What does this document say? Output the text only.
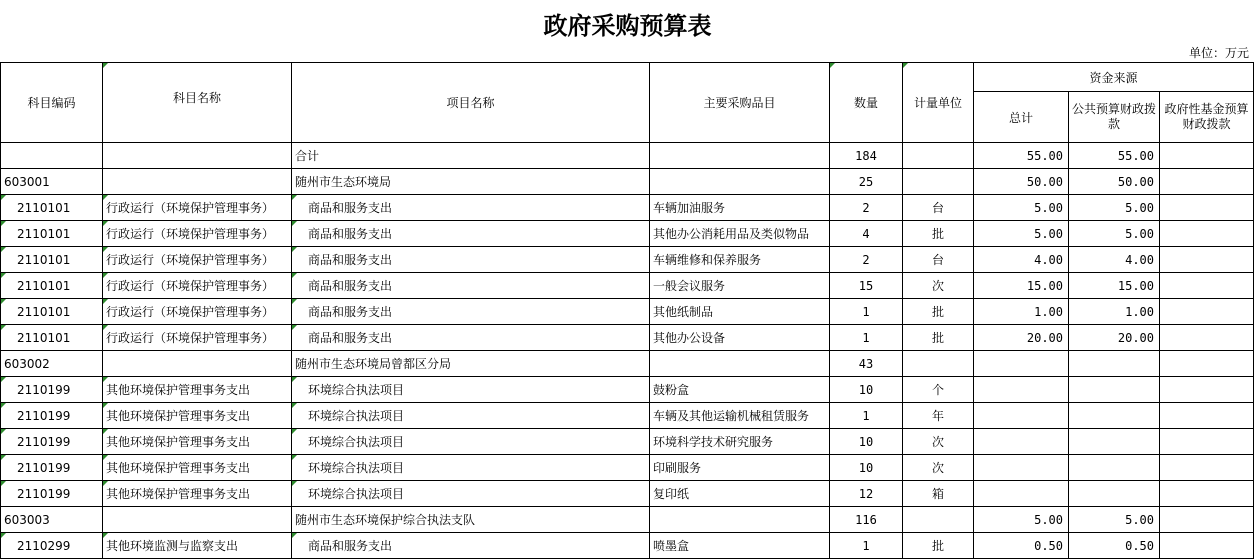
政府采购预算表
单位：万元
科目编码	科目名称	项目名称	主要采购品目	数量	计量单位	资金来源		
						总计	公共预算财政拨款	政府性基金预算财政拨款
		合计		184		55.00	55.00	
603001		随州市生态环境局		25		50.00	50.00	
2110101	行政运行（环境保护管理事务）	商品和服务支出	车辆加油服务	2	台	5.00	5.00	
2110101	行政运行（环境保护管理事务）	商品和服务支出	其他办公消耗用品及类似物品	4	批	5.00	5.00	
2110101	行政运行（环境保护管理事务）	商品和服务支出	车辆维修和保养服务	2	台	4.00	4.00	
2110101	行政运行（环境保护管理事务）	商品和服务支出	一般会议服务	15	次	15.00	15.00	
2110101	行政运行（环境保护管理事务）	商品和服务支出	其他纸制品	1	批	1.00	1.00	
2110101	行政运行（环境保护管理事务）	商品和服务支出	其他办公设备	1	批	20.00	20.00	
603002		随州市生态环境局曾都区分局		43				
2110199	其他环境保护管理事务支出	环境综合执法项目	鼓粉盒	10	个			
2110199	其他环境保护管理事务支出	环境综合执法项目	车辆及其他运输机械租赁服务	1	年			
2110199	其他环境保护管理事务支出	环境综合执法项目	环境科学技术研究服务	10	次			
2110199	其他环境保护管理事务支出	环境综合执法项目	印刷服务	10	次			
2110199	其他环境保护管理事务支出	环境综合执法项目	复印纸	12	箱			
603003		随州市生态环境保护综合执法支队		116		5.00	5.00	
2110299	其他环境监测与监察支出	商品和服务支出	喷墨盒	1	批	0.50	0.50	
